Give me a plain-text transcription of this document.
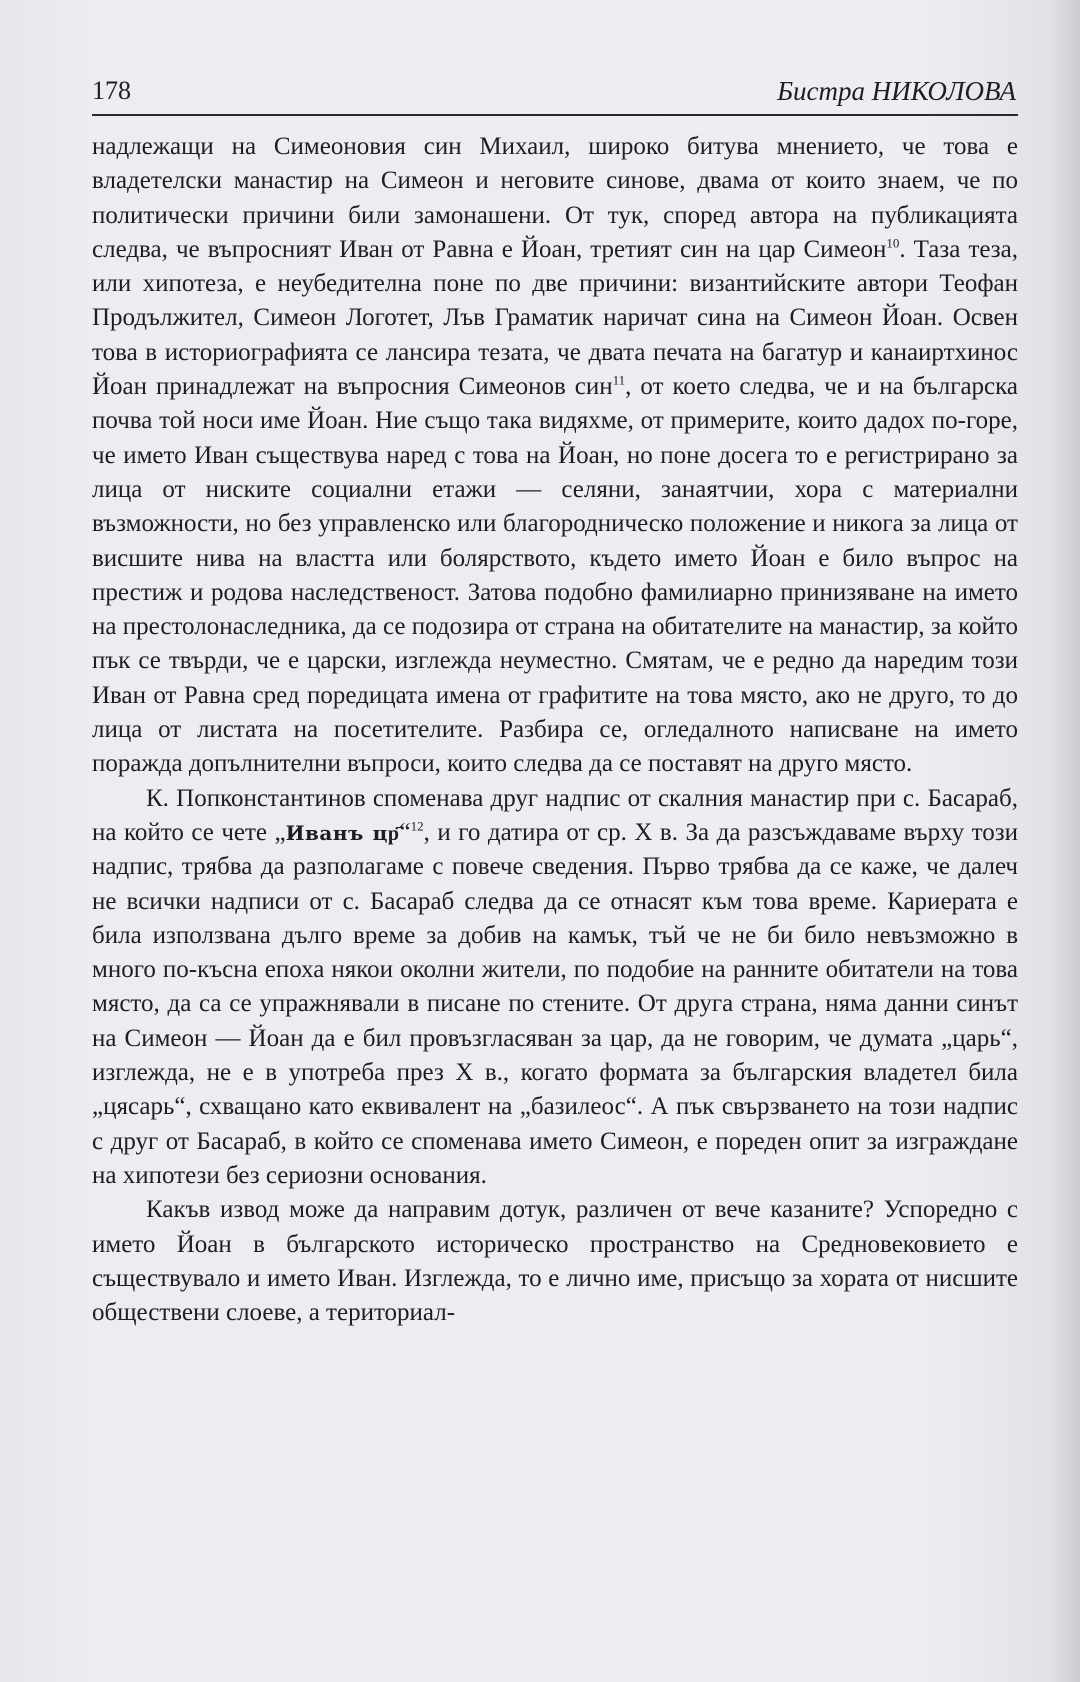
178	Бистра НИКОЛОВА

надлежащи на Симеоновия син Михаил, широко битува мнението, че това е владетелски манастир на Симеон и неговите синове, двама от които знаем, че по политически причини били замонашени. От тук, според автора на публикацията следва, че въпросният Иван от Равна е Йоан, третият син на цар Симеон$^{10}$. Таза теза, или хипотеза, е неубедителна поне по две причини: византийските автори Теофан Продължител, Симеон Логотет, Лъв Граматик наричат сина на Симеон Йоан. Освен това в историографията се лансира тезата, че двата печата на багатур и канаиртхинос Йоан принадлежат на въпросния Симеонов син$^{11}$, от което следва, че и на българска почва той носи име Йоан. Ние също така видяхме, от примерите, които дадох по-горе, че името Иван съществува наред с това на Йоан, но поне досега то е регистрирано за лица от ниските социални етажи — селяни, занаятчии, хора с материални възможности, но без управленско или благородническо положение и никога за лица от висшите нива на властта или болярството, където името Йоан е било въпрос на престиж и родова наследственост. Затова подобно фамилиарно принизяване на името на престолонаследника, да се подозира от страна на обитателите на манастир, за който пък се твърди, че е царски, изглежда неуместно. Смятам, че е редно да наредим този Иван от Равна сред поредицата имена от графитите на това място, ако не друго, то до лица от листата на посетителите. Разбира се, огледалното написване на името поражда допълнителни въпроси, които следва да се поставят на друго място.

К. Попконстантинов споменава друг надпис от скалния манастир при с. Басараб, на който се чете „Иванъ цр҃“$^{12}$, и го датира от ср. Х в. За да разсъждаваме върху този надпис, трябва да разполагаме с повече сведения. Първо трябва да се каже, че далеч не всички надписи от с. Басараб следва да се отнасят към това време. Кариерата е била използвана дълго време за добив на камък, тъй че не би било невъзможно в много по-късна епоха някои околни жители, по подобие на ранните обитатели на това място, да са се упражнявали в писане по стените. От друга страна, няма данни синът на Симеон — Йоан да е бил провъзгласяван за цар, да не говорим, че думата „царь“, изглежда, не е в употреба през Х в., когато формата за българския владетел била „цясарь“, схващано като еквивалент на „базилеос“. А пък свързването на този надпис с друг от Басараб, в който се споменава името Симеон, е пореден опит за изграждане на хипотези без сериозни основания.

Какъв извод може да направим дотук, различен от вече казаните? Успоредно с името Йоан в българското историческо пространство на Средновековието е съществувало и името Иван. Изглежда, то е лично име, присъщо за хората от нисшите обществени слоеве, а териториал-
